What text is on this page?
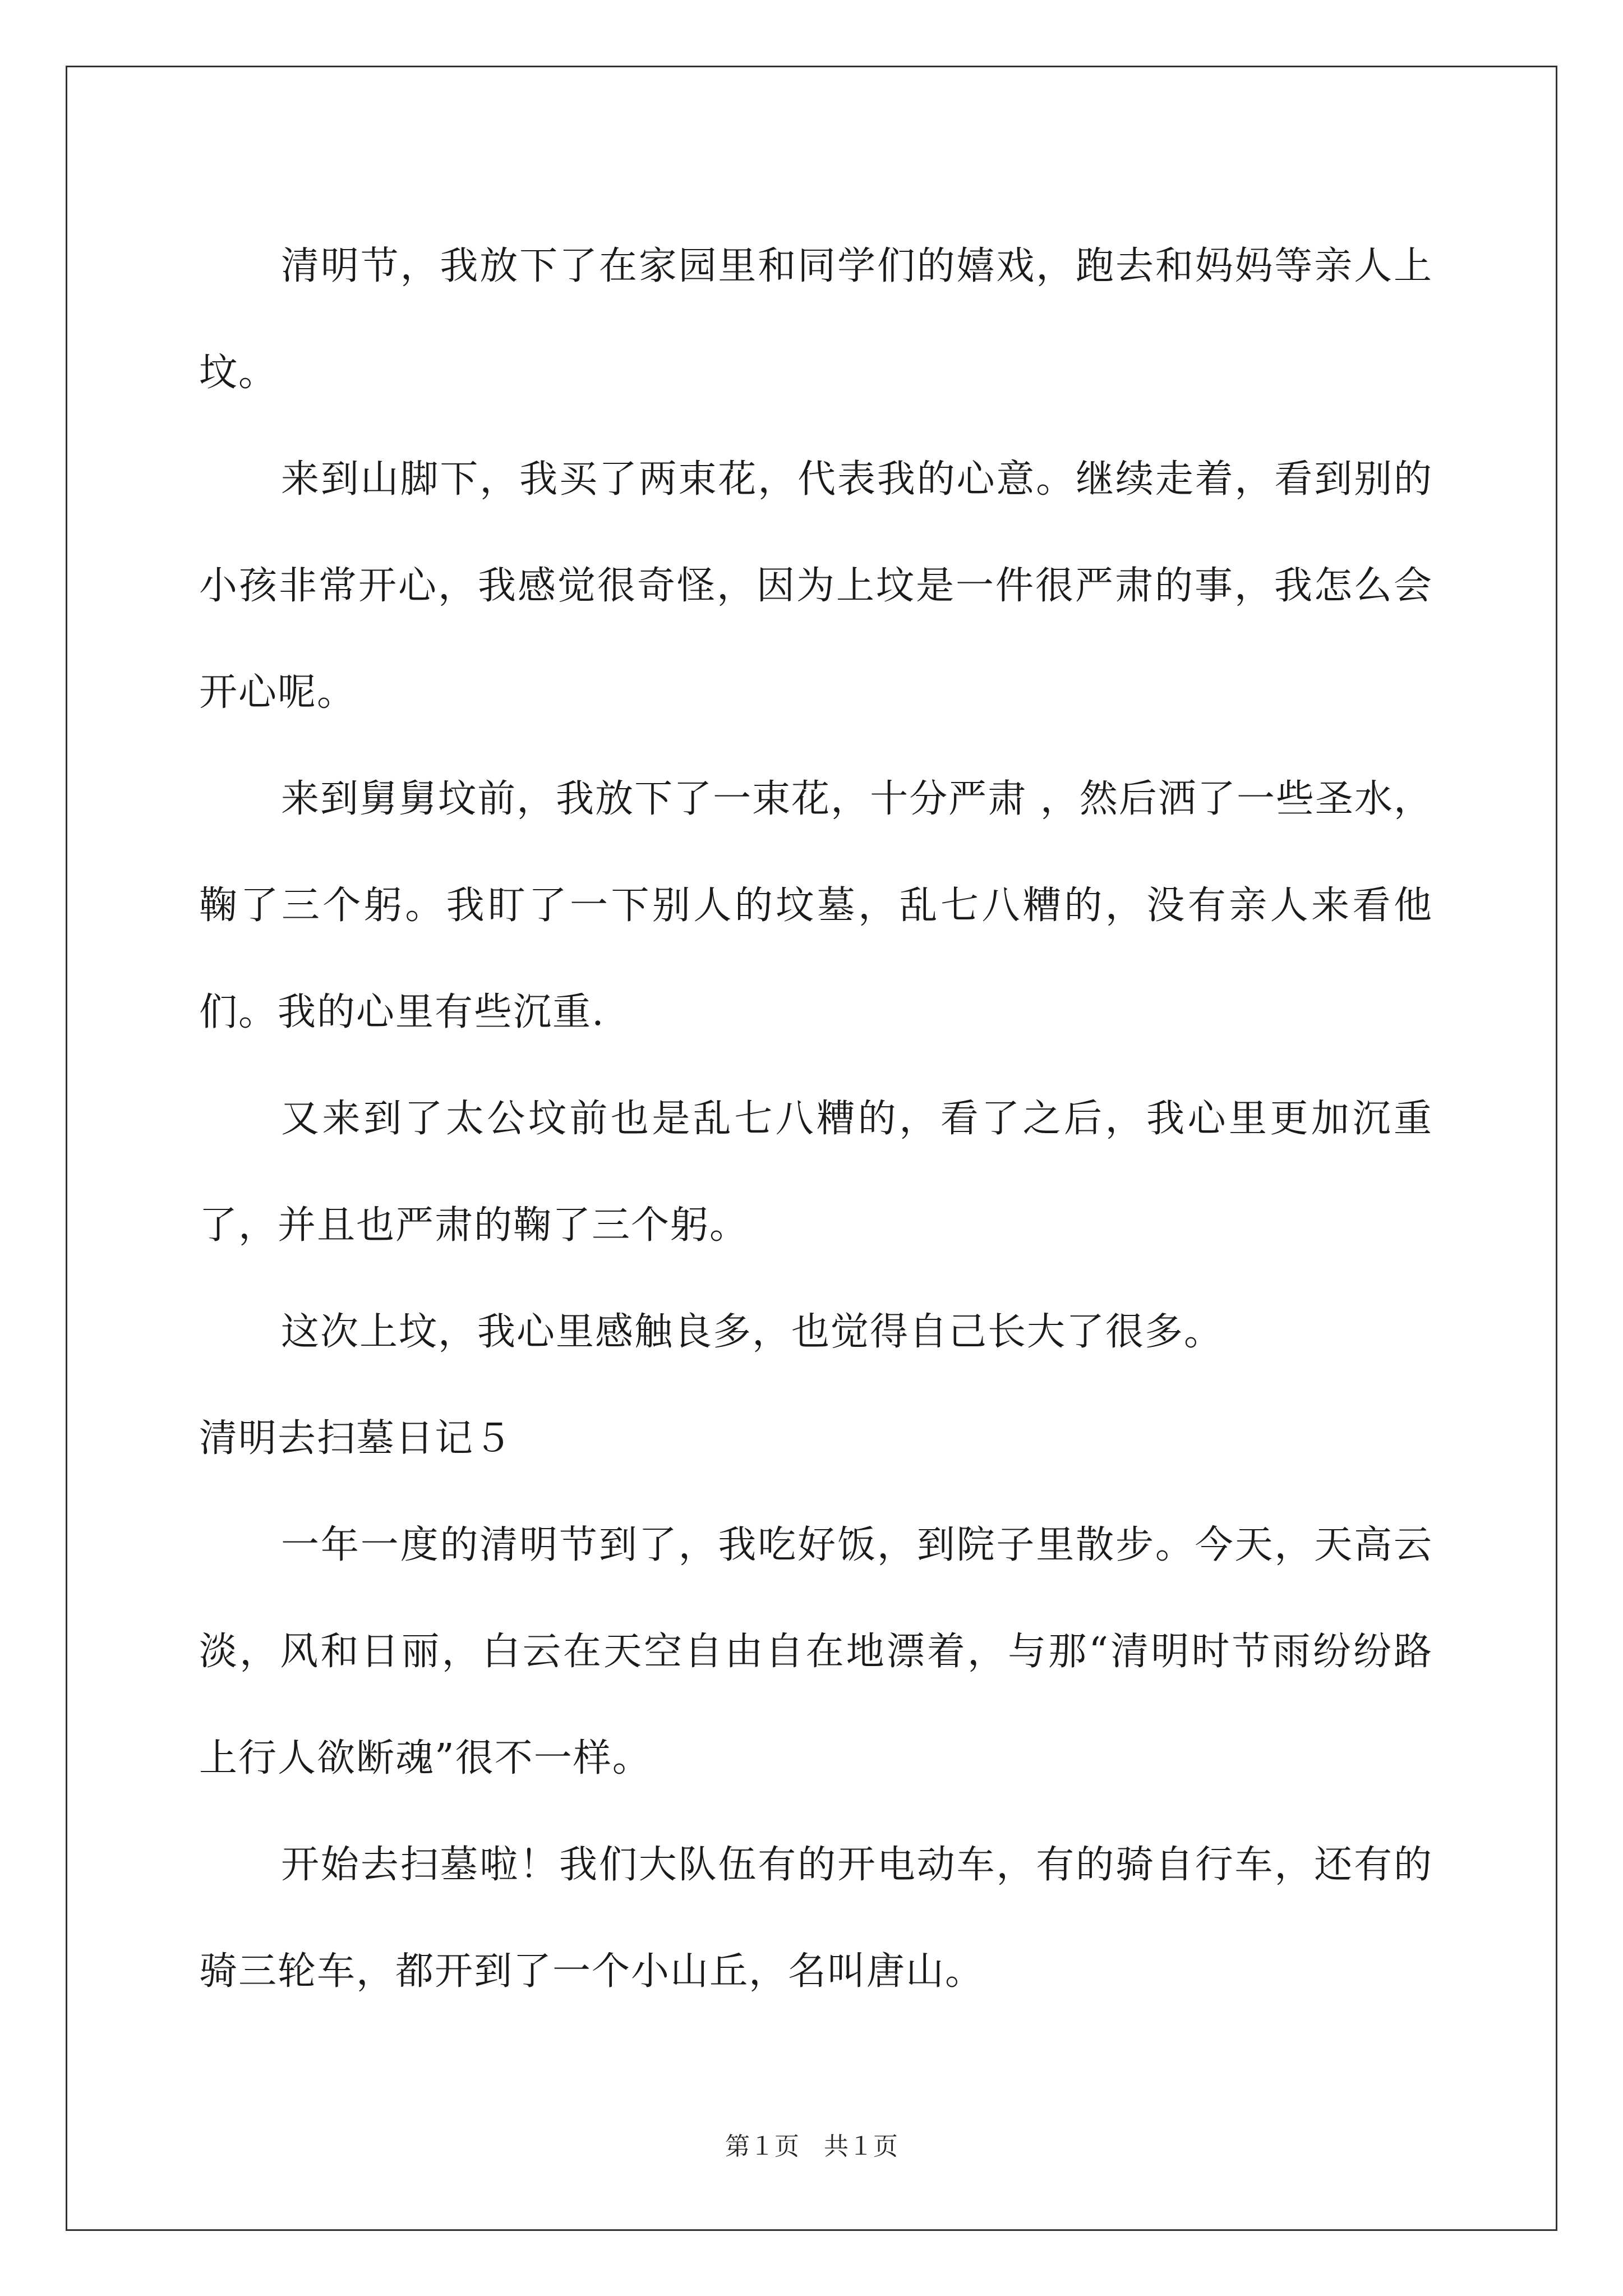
清明节，我放下了在家园里和同学们的嬉戏，跑去和妈妈等亲人上坟。

来到山脚下，我买了两束花，代表我的心意。继续走着，看到别的小孩非常开心，我感觉很奇怪，因为上坟是一件很严肃的事，我怎么会开心呢。

来到舅舅坟前，我放下了一束花，十分严肃 ，然后洒了一些圣水，鞠了三个躬。我盯了一下别人的坟墓，乱七八糟的，没有亲人来看他们。我的心里有些沉重.

又来到了太公坟前也是乱七八糟的，看了之后，我心里更加沉重了，并且也严肃的鞠了三个躬。

这次上坟，我心里感触良多，也觉得自己长大了很多。

清明去扫墓日记５

一年一度的清明节到了，我吃好饭，到院子里散步。今天，天高云淡，风和日丽，白云在天空自由自在地漂着，与那“清明时节雨纷纷路上行人欲断魂”很不一样。

开始去扫墓啦！我们大队伍有的开电动车，有的骑自行车，还有的骑三轮车，都开到了一个小山丘，名叫唐山。

第１页　共１页
